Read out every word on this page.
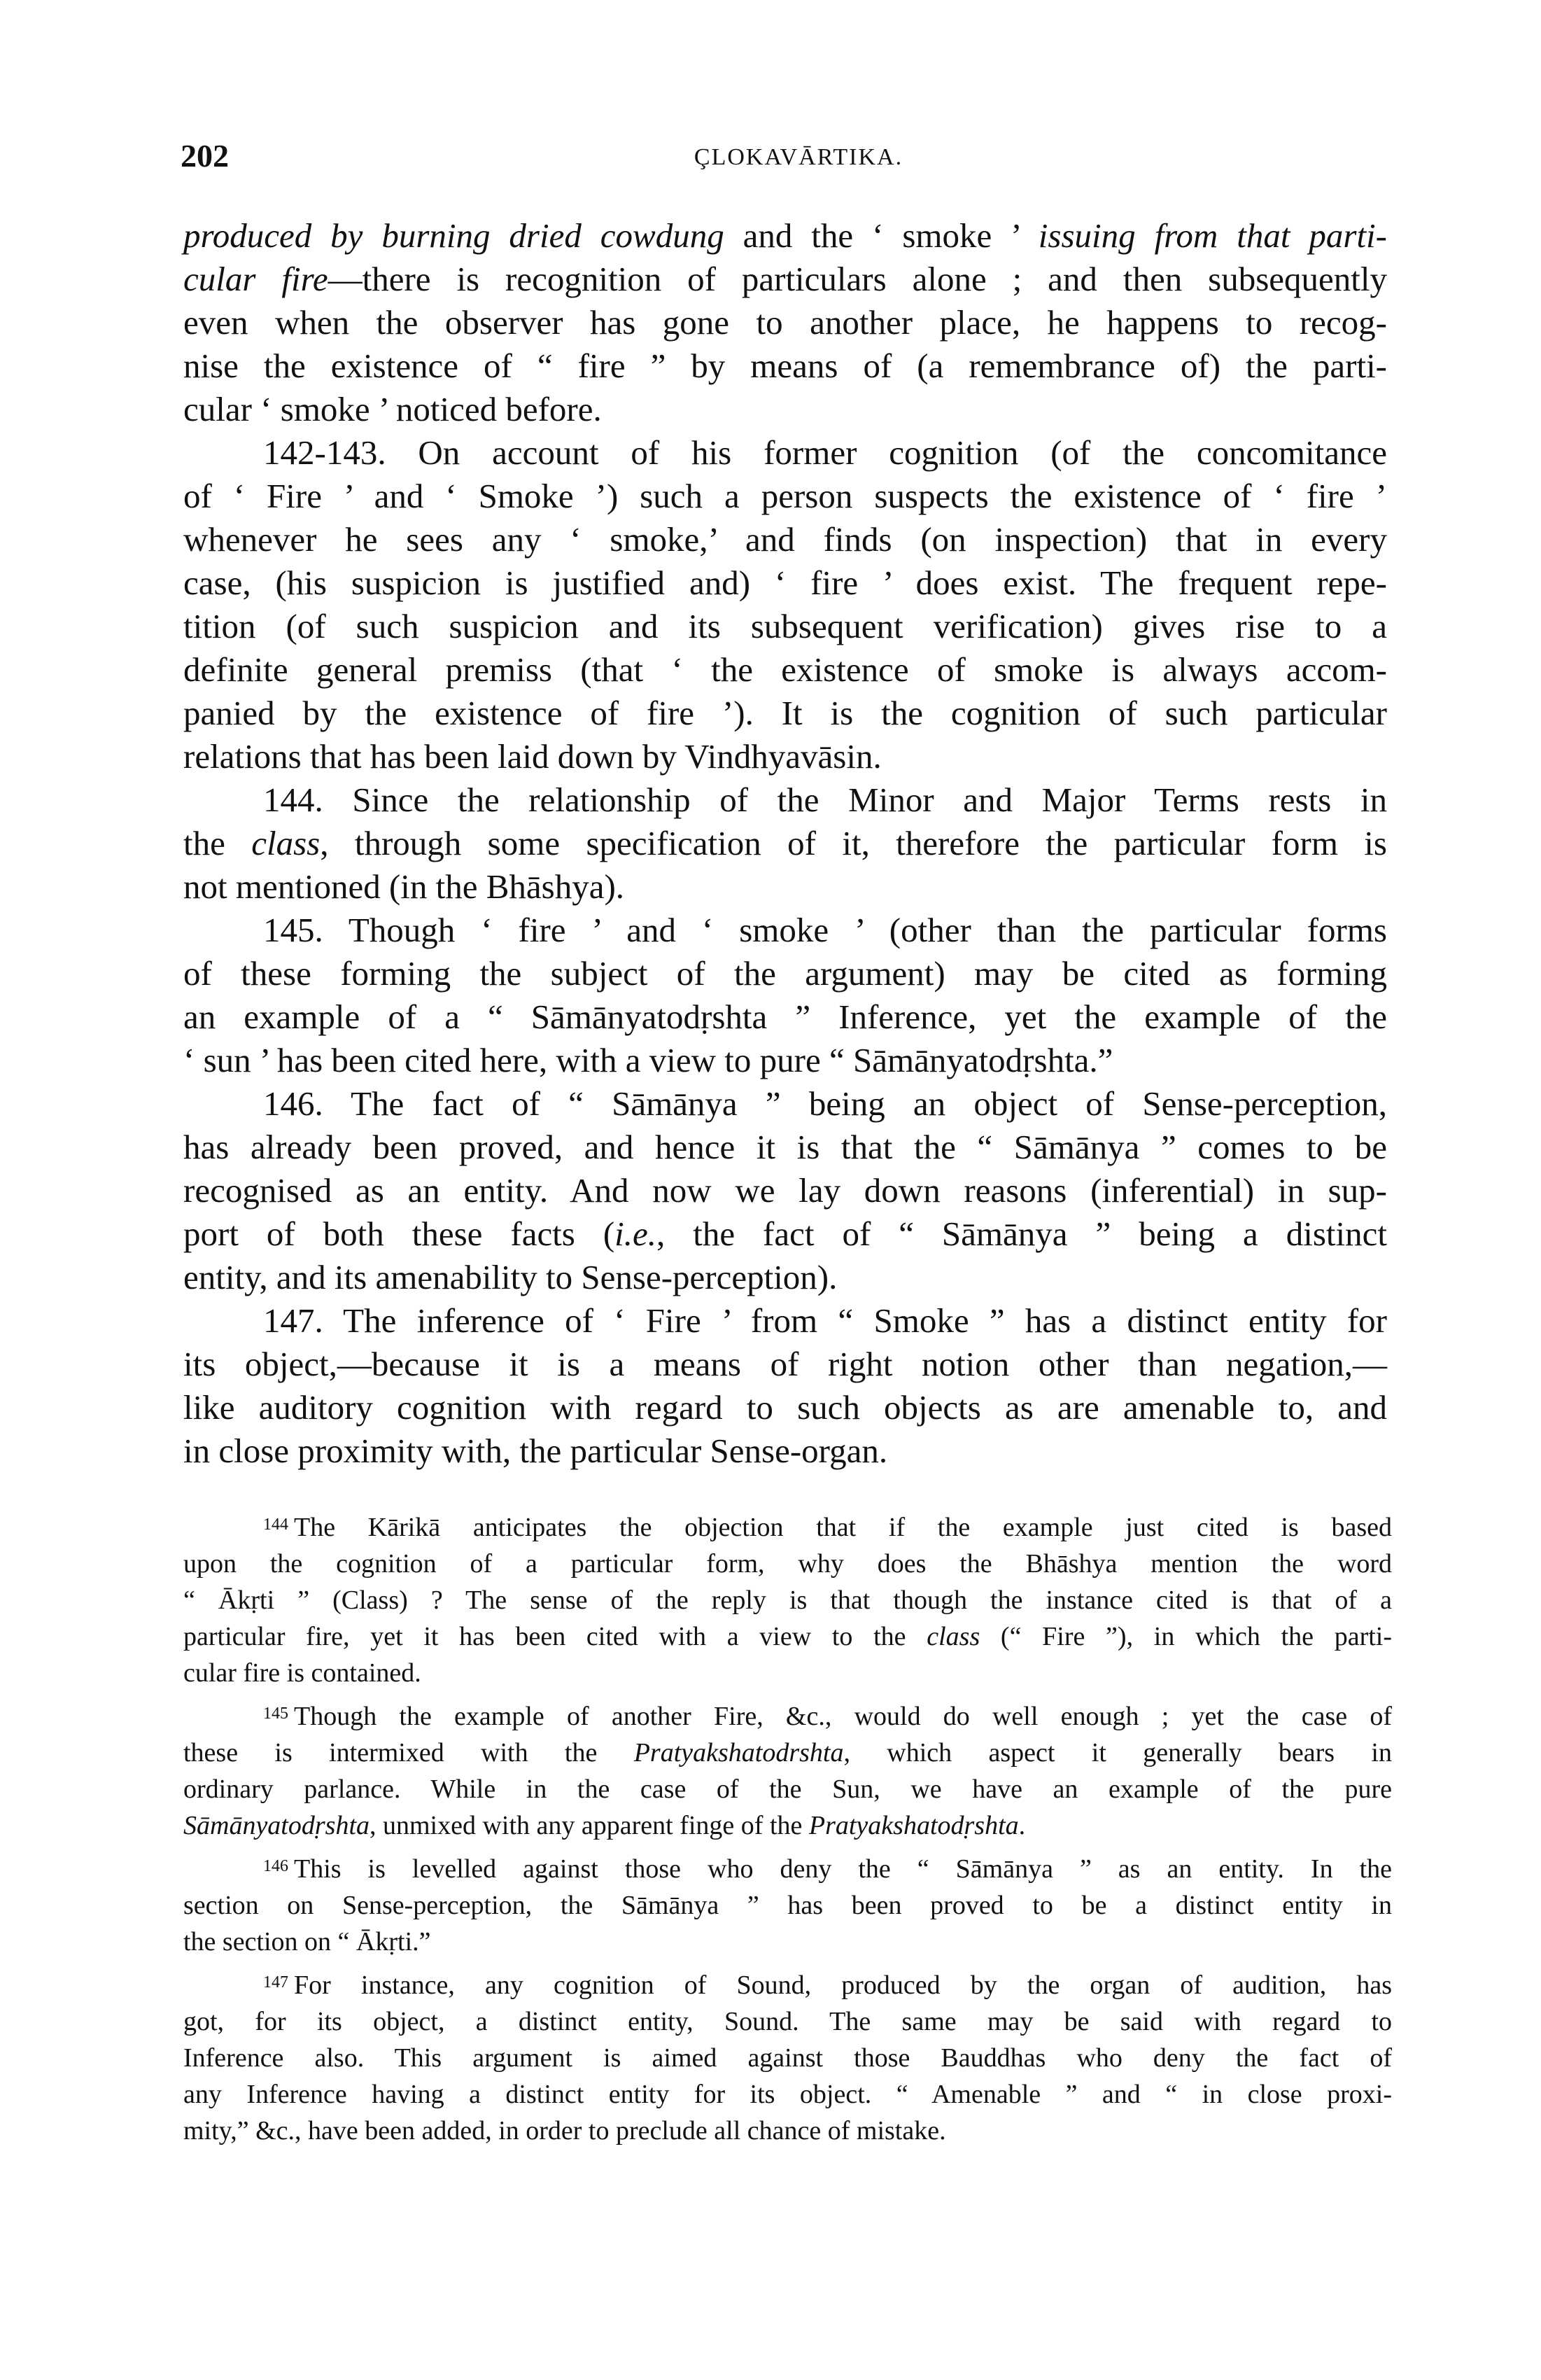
202	ÇLOKAVĀRTIKA.
produced by burning dried cowdung and the ‘ smoke ’ issuing from that parti-
cular fire—there is recognition of particulars alone ; and then subsequently
even when the observer has gone to another place, he happens to recog-
nise the existence of “ fire ” by means of (a remembrance of) the parti-
cular ‘ smoke ’ noticed before.
142-143. On account of his former cognition (of the concomitance
of ‘ Fire ’ and ‘ Smoke ’) such a person suspects the existence of ‘ fire ’
whenever he sees any ‘ smoke,’ and finds (on inspection) that in every
case, (his suspicion is justified and) ‘ fire ’ does exist. The frequent repe-
tition (of such suspicion and its subsequent verification) gives rise to a
definite general premiss (that ‘ the existence of smoke is always accom-
panied by the existence of fire ’). It is the cognition of such particular
relations that has been laid down by Vindhyavāsin.
144. Since the relationship of the Minor and Major Terms rests in
the class, through some specification of it, therefore the particular form is
not mentioned (in the Bhāshya).
145. Though ‘ fire ’ and ‘ smoke ’ (other than the particular forms
of these forming the subject of the argument) may be cited as forming
an example of a “ Sāmānyatodṛshta ” Inference, yet the example of the
‘ sun ’ has been cited here, with a view to pure “ Sāmānyatodṛshta.”
146. The fact of “ Sāmānya ” being an object of Sense-perception,
has already been proved, and hence it is that the “ Sāmānya ” comes to be
recognised as an entity. And now we lay down reasons (inferential) in sup-
port of both these facts (i.e., the fact of “ Sāmānya ” being a distinct
entity, and its amenability to Sense-perception).
147. The inference of ‘ Fire ’ from “ Smoke ” has a distinct entity for
its object,—because it is a means of right notion other than negation,—
like auditory cognition with regard to such objects as are amenable to, and
in close proximity with, the particular Sense-organ.
$^{144}$ The Kārikā anticipates the objection that if the example just cited is based
upon the cognition of a particular form, why does the Bhāshya mention the word
“ Ākṛti ” (Class) ? The sense of the reply is that though the instance cited is that of a
particular fire, yet it has been cited with a view to the class (“ Fire ”), in which the parti-
cular fire is contained.
$^{145}$ Though the example of another Fire, &c., would do well enough ; yet the case of
these is intermixed with the Pratyakshatodrshta, which aspect it generally bears in
ordinary parlance. While in the case of the Sun, we have an example of the pure
Sāmānyatodṛshta, unmixed with any apparent finge of the Pratyakshatodṛshta.
$^{146}$ This is levelled against those who deny the “ Sāmānya ” as an entity. In the
section on Sense-perception, the Sāmānya ” has been proved to be a distinct entity in
the section on “ Ākṛti.”
$^{147}$ For instance, any cognition of Sound, produced by the organ of audition, has
got, for its object, a distinct entity, Sound. The same may be said with regard to
Inference also. This argument is aimed against those Bauddhas who deny the fact of
any Inference having a distinct entity for its object. “ Amenable ” and “ in close proxi-
mity,” &c., have been added, in order to preclude all chance of mistake.
